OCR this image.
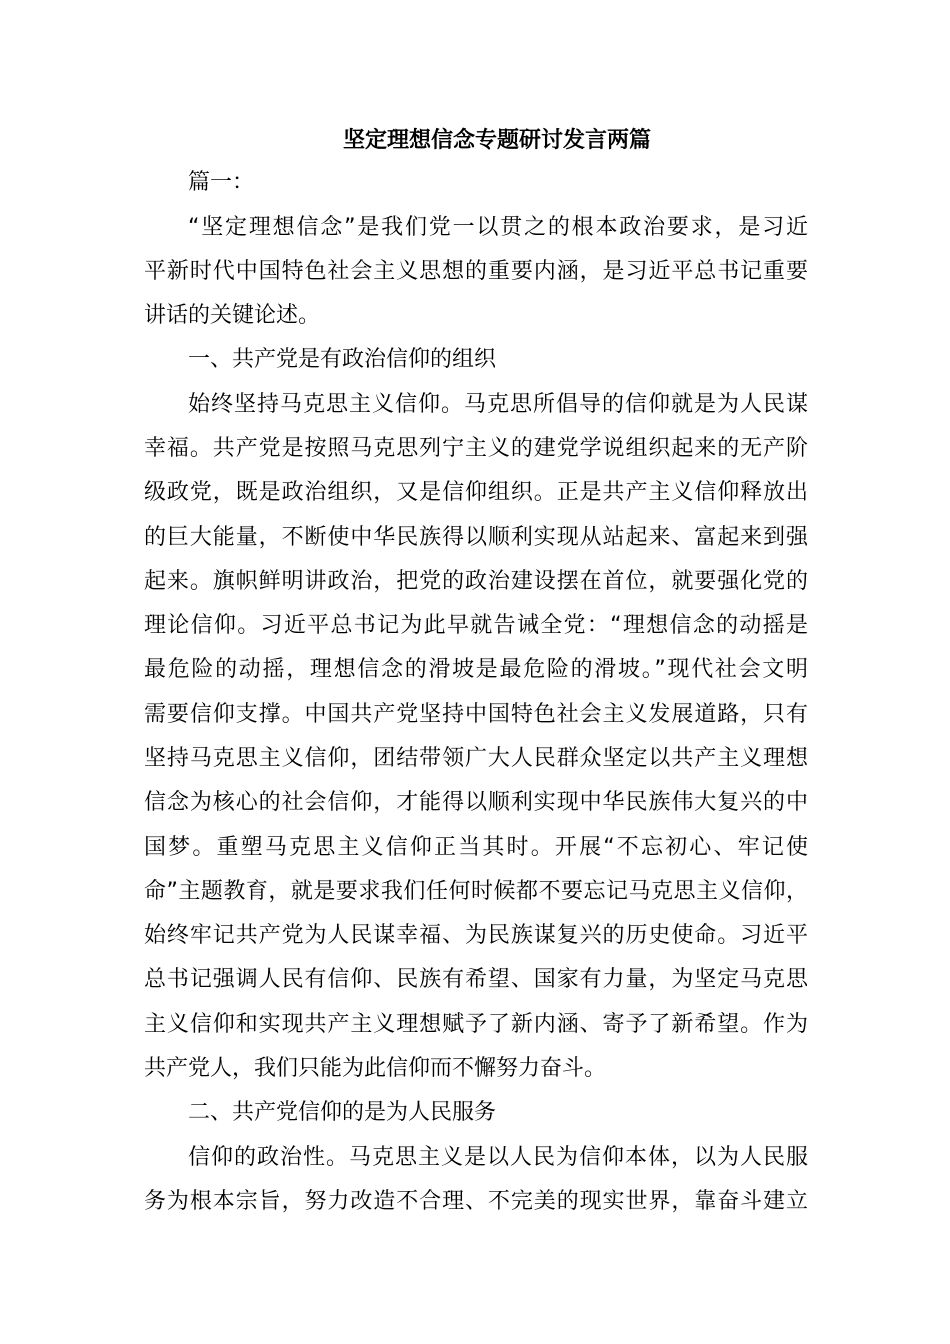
坚定理想信念专题研讨发言两篇
篇一：
“坚定理想信念”是我们党一以贯之的根本政治要求，是习近
平新时代中国特色社会主义思想的重要内涵，是习近平总书记重要
讲话的关键论述。
一、共产党是有政治信仰的组织
始终坚持马克思主义信仰。马克思所倡导的信仰就是为人民谋
幸福。共产党是按照马克思列宁主义的建党学说组织起来的无产阶
级政党，既是政治组织，又是信仰组织。正是共产主义信仰释放出
的巨大能量，不断使中华民族得以顺利实现从站起来、富起来到强
起来。旗帜鲜明讲政治，把党的政治建设摆在首位，就要强化党的
理论信仰。习近平总书记为此早就告诫全党：“理想信念的动摇是
最危险的动摇，理想信念的滑坡是最危险的滑坡。”现代社会文明
需要信仰支撑。中国共产党坚持中国特色社会主义发展道路，只有
坚持马克思主义信仰，团结带领广大人民群众坚定以共产主义理想
信念为核心的社会信仰，才能得以顺利实现中华民族伟大复兴的中
国梦。重塑马克思主义信仰正当其时。开展“不忘初心、牢记使
命”主题教育，就是要求我们任何时候都不要忘记马克思主义信仰，
始终牢记共产党为人民谋幸福、为民族谋复兴的历史使命。习近平
总书记强调人民有信仰、民族有希望、国家有力量，为坚定马克思
主义信仰和实现共产主义理想赋予了新内涵、寄予了新希望。作为
共产党人，我们只能为此信仰而不懈努力奋斗。
二、共产党信仰的是为人民服务
信仰的政治性。马克思主义是以人民为信仰本体，以为人民服
务为根本宗旨，努力改造不合理、不完美的现实世界，靠奋斗建立
